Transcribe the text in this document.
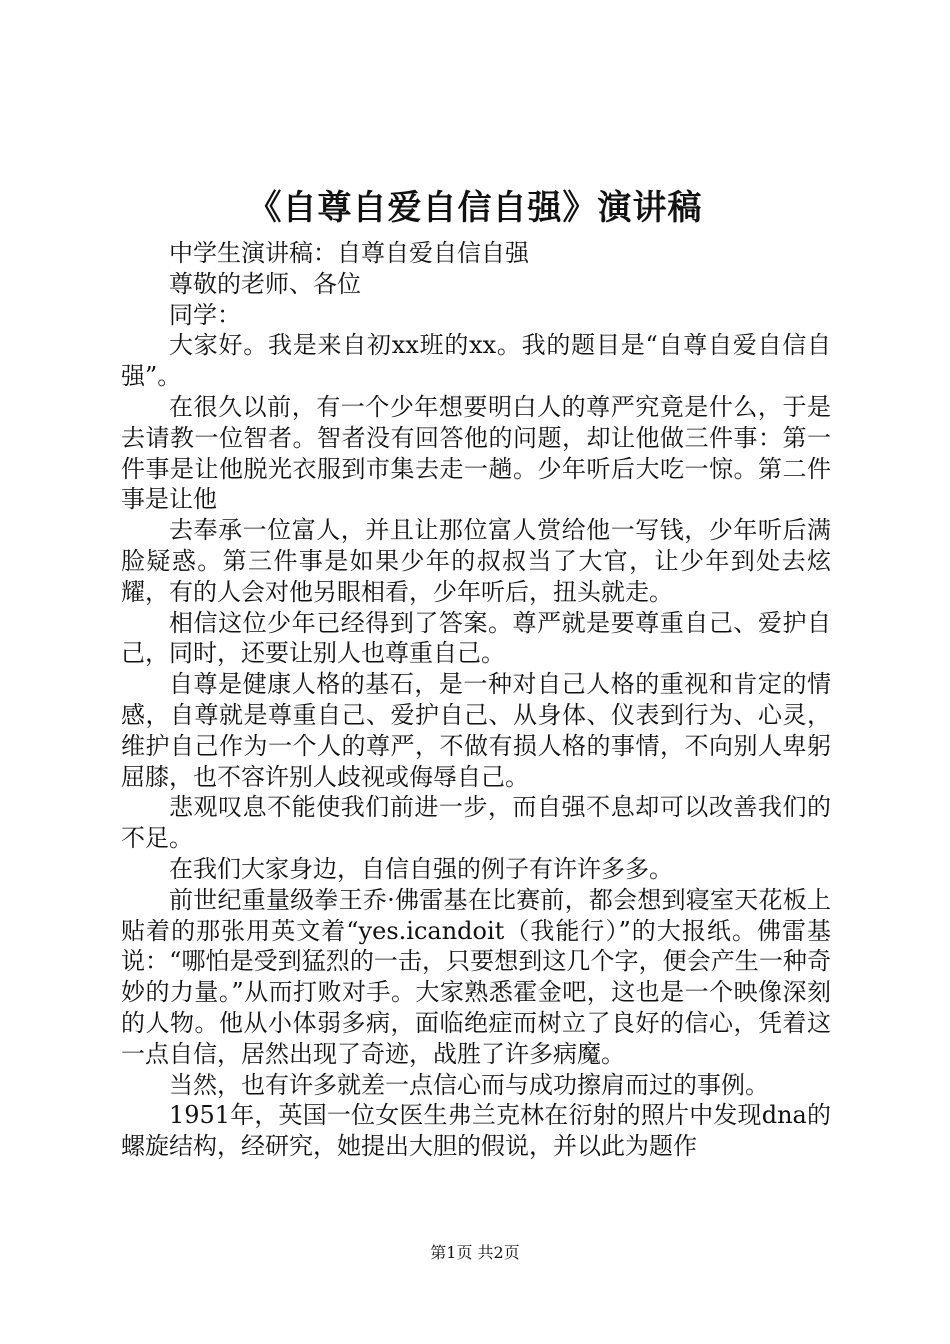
《自尊自爱自信自强》演讲稿

中学生演讲稿：自尊自爱自信自强

尊敬的老师、各位

同学：

大家好。我是来自初xx班的xx。我的题目是“自尊自爱自信自强”。

在很久以前，有一个少年想要明白人的尊严究竟是什么，于是去请教一位智者。智者没有回答他的问题，却让他做三件事：第一件事是让他脱光衣服到市集去走一趟。少年听后大吃一惊。第二件事是让他

去奉承一位富人，并且让那位富人赏给他一写钱，少年听后满脸疑惑。第三件事是如果少年的叔叔当了大官，让少年到处去炫耀，有的人会对他另眼相看，少年听后，扭头就走。

相信这位少年已经得到了答案。尊严就是要尊重自己、爱护自己，同时，还要让别人也尊重自己。

自尊是健康人格的基石，是一种对自己人格的重视和肯定的情感，自尊就是尊重自己、爱护自己、从身体、仪表到行为、心灵，维护自己作为一个人的尊严，不做有损人格的事情，不向别人卑躬屈膝，也不容许别人歧视或侮辱自己。

悲观叹息不能使我们前进一步，而自强不息却可以改善我们的不足。

在我们大家身边，自信自强的例子有许许多多。

前世纪重量级拳王乔·佛雷基在比赛前，都会想到寝室天花板上贴着的那张用英文着“yes.icandoit（我能行）”的大报纸。佛雷基说：“哪怕是受到猛烈的一击，只要想到这几个字，便会产生一种奇妙的力量。”从而打败对手。大家熟悉霍金吧，这也是一个映像深刻的人物。他从小体弱多病，面临绝症而树立了良好的信心，凭着这一点自信，居然出现了奇迹，战胜了许多病魔。

当然，也有许多就差一点信心而与成功擦肩而过的事例。

1951年，英国一位女医生弗兰克林在衍射的照片中发现dna的螺旋结构，经研究，她提出大胆的假说，并以此为题作

第1页 共2页
